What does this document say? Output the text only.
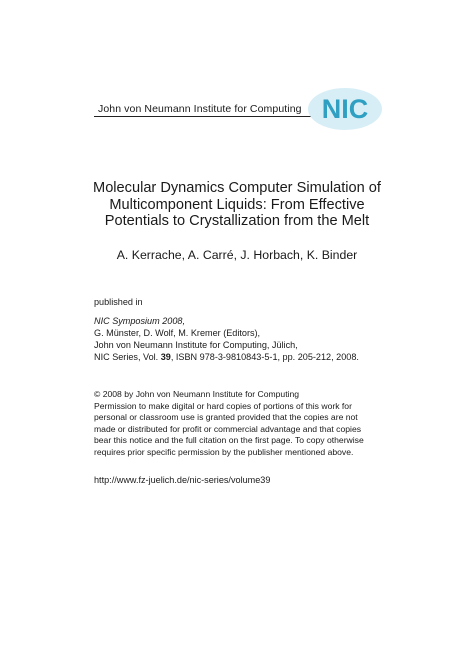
John von Neumann Institute for Computing NIC
Molecular Dynamics Computer Simulation of
Multicomponent Liquids: From Effective
Potentials to Crystallization from the Melt
A. Kerrache, A. Carré, J. Horbach, K. Binder
published in
NIC Symposium 2008,
G. Münster, D. Wolf, M. Kremer (Editors),
John von Neumann Institute for Computing, Jülich,
NIC Series, Vol. 39, ISBN 978-3-9810843-5-1, pp. 205-212, 2008.
© 2008 by John von Neumann Institute for Computing
Permission to make digital or hard copies of portions of this work for
personal or classroom use is granted provided that the copies are not
made or distributed for profit or commercial advantage and that copies
bear this notice and the full citation on the first page. To copy otherwise
requires prior specific permission by the publisher mentioned above.
http://www.fz-juelich.de/nic-series/volume39
